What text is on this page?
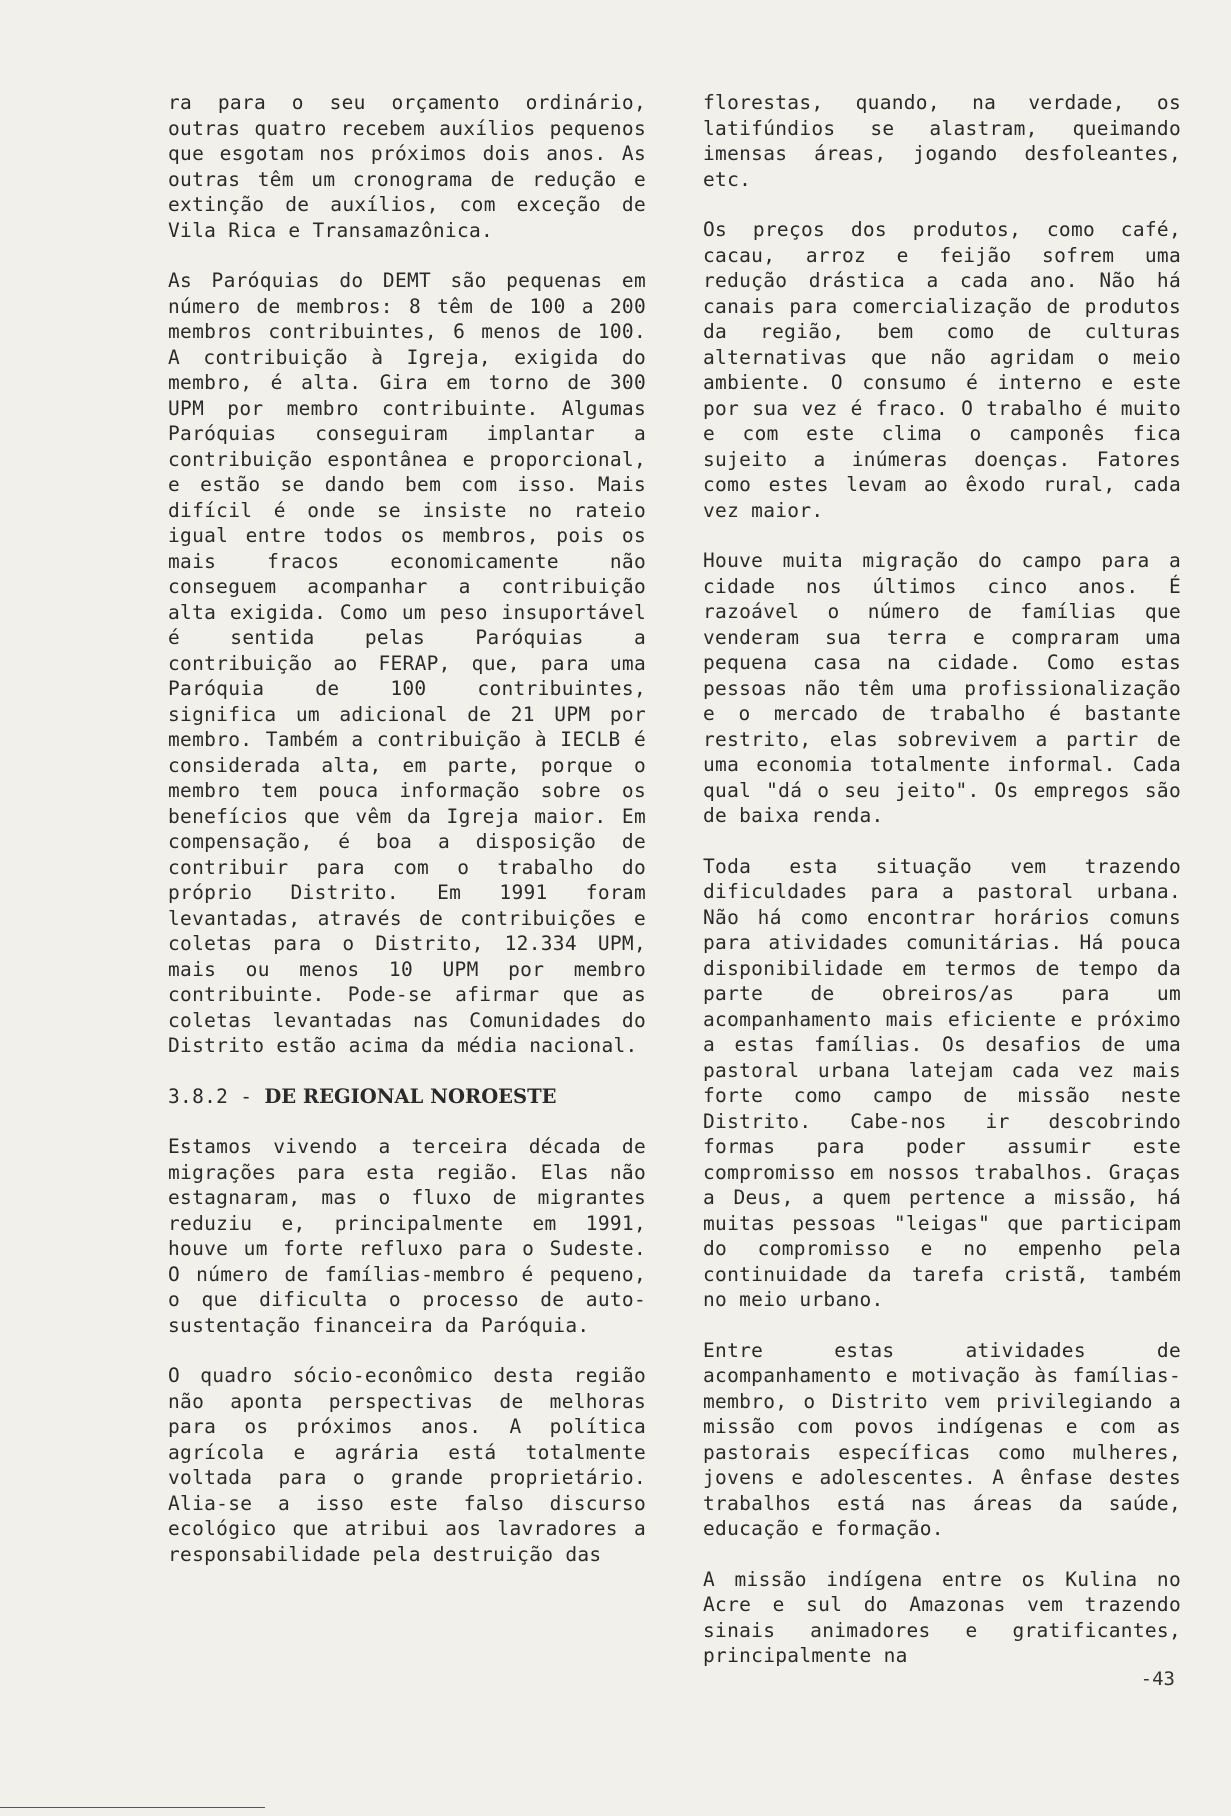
ra para o seu orçamento ordinário, outras quatro recebem auxílios pequenos que esgotam nos próximos dois anos. As outras têm um cronograma de redução e extinção de auxílios, com exceção de Vila Rica e Transamazônica.

As Paróquias do DEMT são pequenas em número de membros: 8 têm de 100 a 200 membros contribuintes, 6 menos de 100. A contribuição à Igreja, exigida do membro, é alta. Gira em torno de 300 UPM por membro contribuinte. Algumas Paróquias conseguiram implantar a contribuição espontânea e proporcional, e estão se dando bem com isso. Mais difícil é onde se insiste no rateio igual entre todos os membros, pois os mais fracos economicamente não conseguem acompanhar a contribuição alta exigida. Como um peso insuportável é sentida pelas Paróquias a contribuição ao FERAP, que, para uma Paróquia de 100 contribuintes, significa um adicional de 21 UPM por membro. Também a contribuição à IECLB é considerada alta, em parte, porque o membro tem pouca informação sobre os benefícios que vêm da Igreja maior. Em compensação, é boa a disposição de contribuir para com o trabalho do próprio Distrito. Em 1991 foram levantadas, através de contribuições e coletas para o Distrito, 12.334 UPM, mais ou menos 10 UPM por membro contribuinte. Pode-se afirmar que as coletas levantadas nas Comunidades do Distrito estão acima da média nacional.

3.8.2 - DE REGIONAL NOROESTE

Estamos vivendo a terceira década de migrações para esta região. Elas não estagnaram, mas o fluxo de migrantes reduziu e, principalmente em 1991, houve um forte refluxo para o Sudeste. O número de famílias-membro é pequeno, o que dificulta o processo de auto-sustentação financeira da Paróquia.

O quadro sócio-econômico desta região não aponta perspectivas de melhoras para os próximos anos. A política agrícola e agrária está totalmente voltada para o grande proprietário. Alia-se a isso este falso discurso ecológico que atribui aos lavradores a responsabilidade pela destruição das

florestas, quando, na verdade, os latifúndios se alastram, queimando imensas áreas, jogando desfoleantes, etc.

Os preços dos produtos, como café, cacau, arroz e feijão sofrem uma redução drástica a cada ano. Não há canais para comercialização de produtos da região, bem como de culturas alternativas que não agridam o meio ambiente. O consumo é interno e este por sua vez é fraco. O trabalho é muito e com este clima o camponês fica sujeito a inúmeras doenças. Fatores como estes levam ao êxodo rural, cada vez maior.

Houve muita migração do campo para a cidade nos últimos cinco anos. É razoável o número de famílias que venderam sua terra e compraram uma pequena casa na cidade. Como estas pessoas não têm uma profissionalização e o mercado de trabalho é bastante restrito, elas sobrevivem a partir de uma economia totalmente informal. Cada qual "dá o seu jeito". Os empregos são de baixa renda.

Toda esta situação vem trazendo dificuldades para a pastoral urbana. Não há como encontrar horários comuns para atividades comunitárias. Há pouca disponibilidade em termos de tempo da parte de obreiros/as para um acompanhamento mais eficiente e próximo a estas famílias. Os desafios de uma pastoral urbana latejam cada vez mais forte como campo de missão neste Distrito. Cabe-nos ir descobrindo formas para poder assumir este compromisso em nossos trabalhos. Graças a Deus, a quem pertence a missão, há muitas pessoas "leigas" que participam do compromisso e no empenho pela continuidade da tarefa cristã, também no meio urbano.

Entre estas atividades de acompanhamento e motivação às famílias-membro, o Distrito vem privilegiando a missão com povos indígenas e com as pastorais específicas como mulheres, jovens e adolescentes. A ênfase destes trabalhos está nas áreas da saúde, educação e formação.

A missão indígena entre os Kulina no Acre e sul do Amazonas vem trazendo sinais animadores e gratificantes, principalmente na

-43
